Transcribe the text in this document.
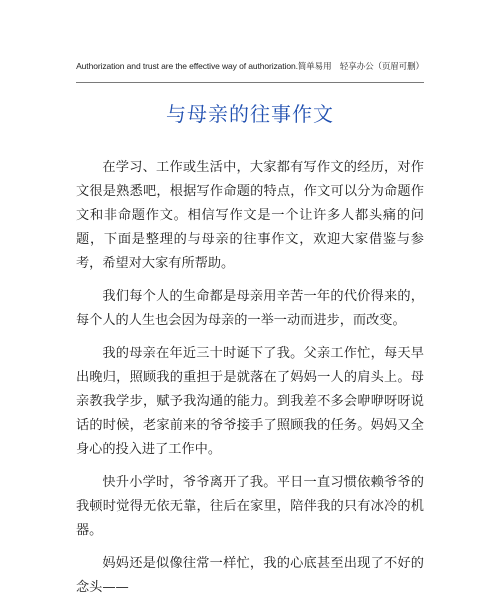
Authorization and trust are the effective way of authorization.简单易用　轻享办公（页眉可删）
与母亲的往事作文

在学习、工作或生活中，大家都有写作文的经历，对作文很是熟悉吧，根据写作命题的特点，作文可以分为命题作文和非命题作文。相信写作文是一个让许多人都头痛的问题，下面是整理的与母亲的往事作文，欢迎大家借鉴与参考，希望对大家有所帮助。

我们每个人的生命都是母亲用辛苦一年的代价得来的，每个人的人生也会因为母亲的一举一动而进步，而改变。

我的母亲在年近三十时诞下了我。父亲工作忙，每天早出晚归，照顾我的重担于是就落在了妈妈一人的肩头上。母亲教我学步，赋予我沟通的能力。到我差不多会咿咿呀呀说话的时候，老家前来的爷爷接手了照顾我的任务。妈妈又全身心的投入进了工作中。

快升小学时，爷爷离开了我。平日一直习惯依赖爷爷的我顿时觉得无依无靠，往后在家里，陪伴我的只有冰冷的机器。

妈妈还是似像往常一样忙，我的心底甚至出现了不好的念头——
